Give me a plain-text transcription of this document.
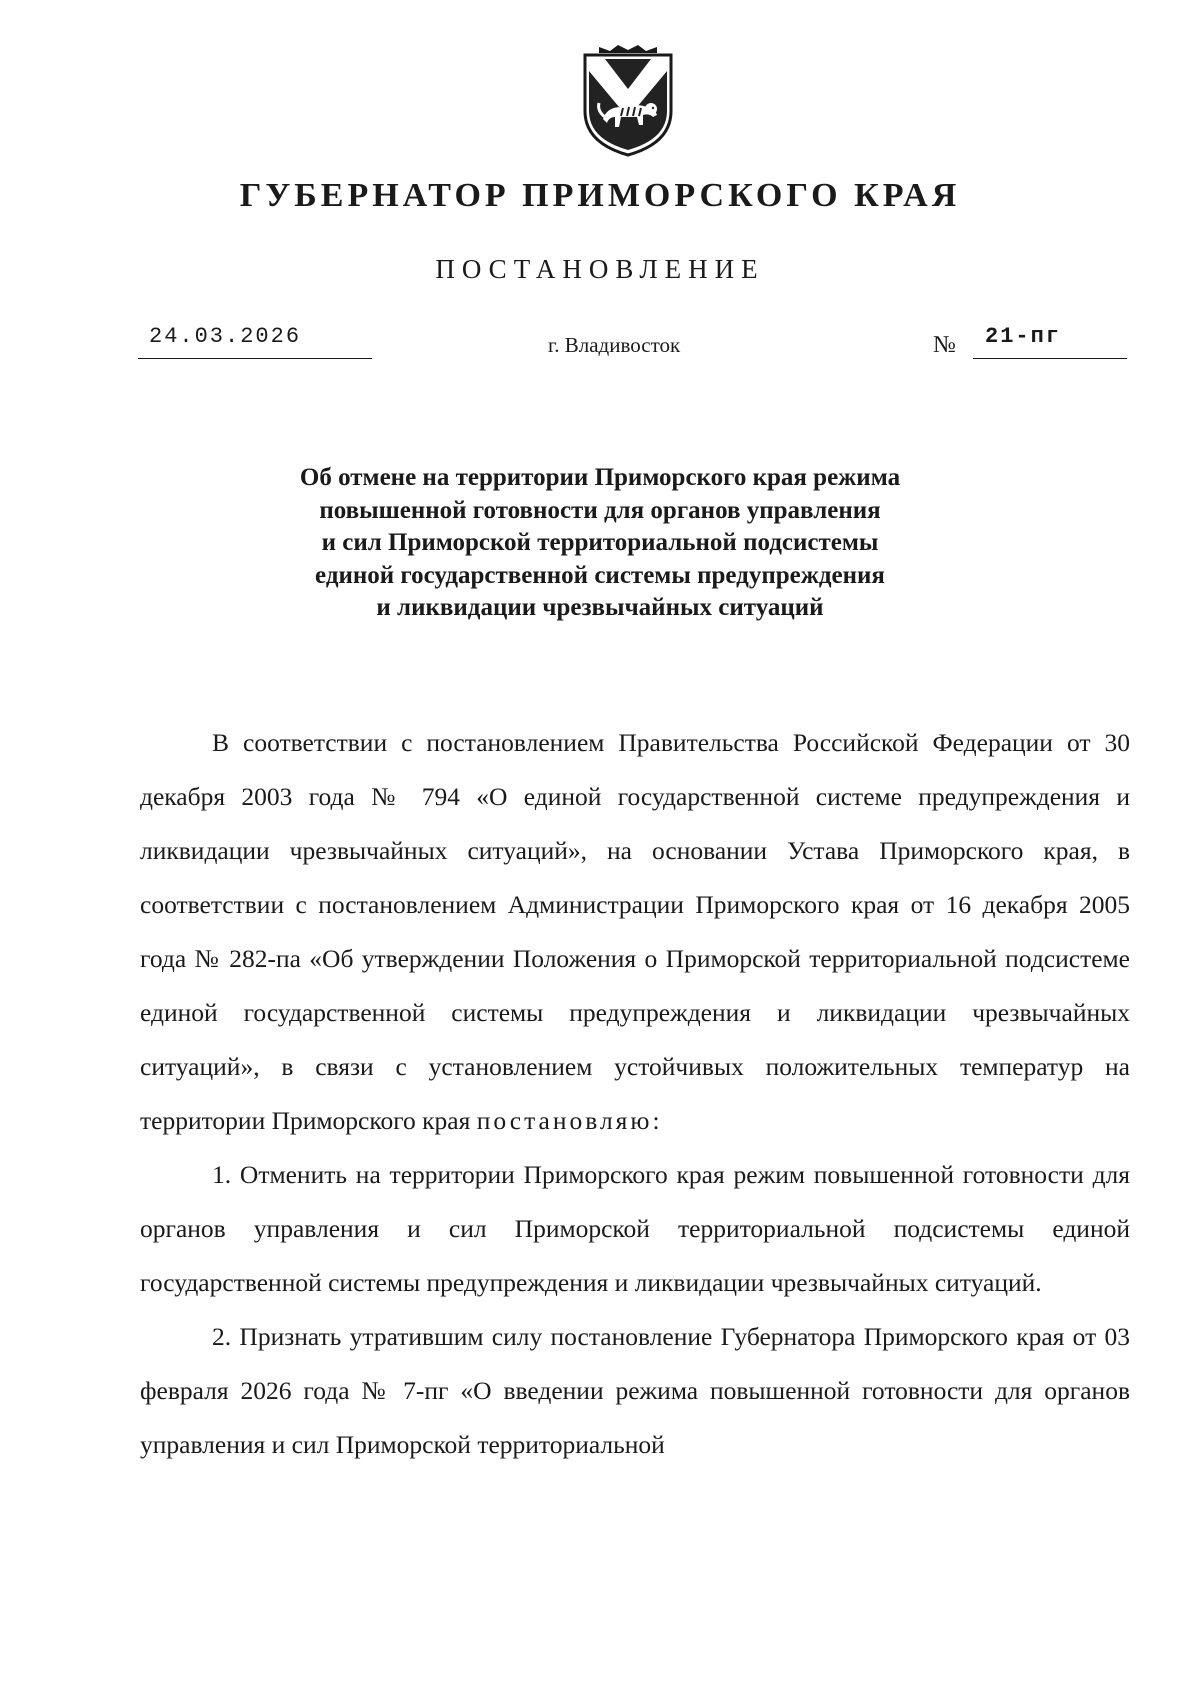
ГУБЕРНАТОР ПРИМОРСКОГО КРАЯ
ПОСТАНОВЛЕНИЕ
24.03.2026	г. Владивосток	№ 21-пг
Об отмене на территории Приморского края режима
повышенной готовности для органов управления
и сил Приморской территориальной подсистемы
единой государственной системы предупреждения
и ликвидации чрезвычайных ситуаций

В соответствии с постановлением Правительства Российской Федерации от 30 декабря 2003 года № 794 «О единой государственной системе предупреждения и ликвидации чрезвычайных ситуаций», на основании Устава Приморского края, в соответствии с постановлением Администрации Приморского края от 16 декабря 2005 года № 282-па «Об утверждении Положения о Приморской территориальной подсистеме единой государственной системы предупреждения и ликвидации чрезвычайных ситуаций», в связи с установлением устойчивых положительных температур на территории Приморского края постановляю:

1. Отменить на территории Приморского края режим повышенной готовности для органов управления и сил Приморской территориальной подсистемы единой государственной системы предупреждения и ликвидации чрезвычайных ситуаций.

2. Признать утратившим силу постановление Губернатора Приморского края от 03 февраля 2026 года № 7-пг «О введении режима повышенной готовности для органов управления и сил Приморской территориальной
